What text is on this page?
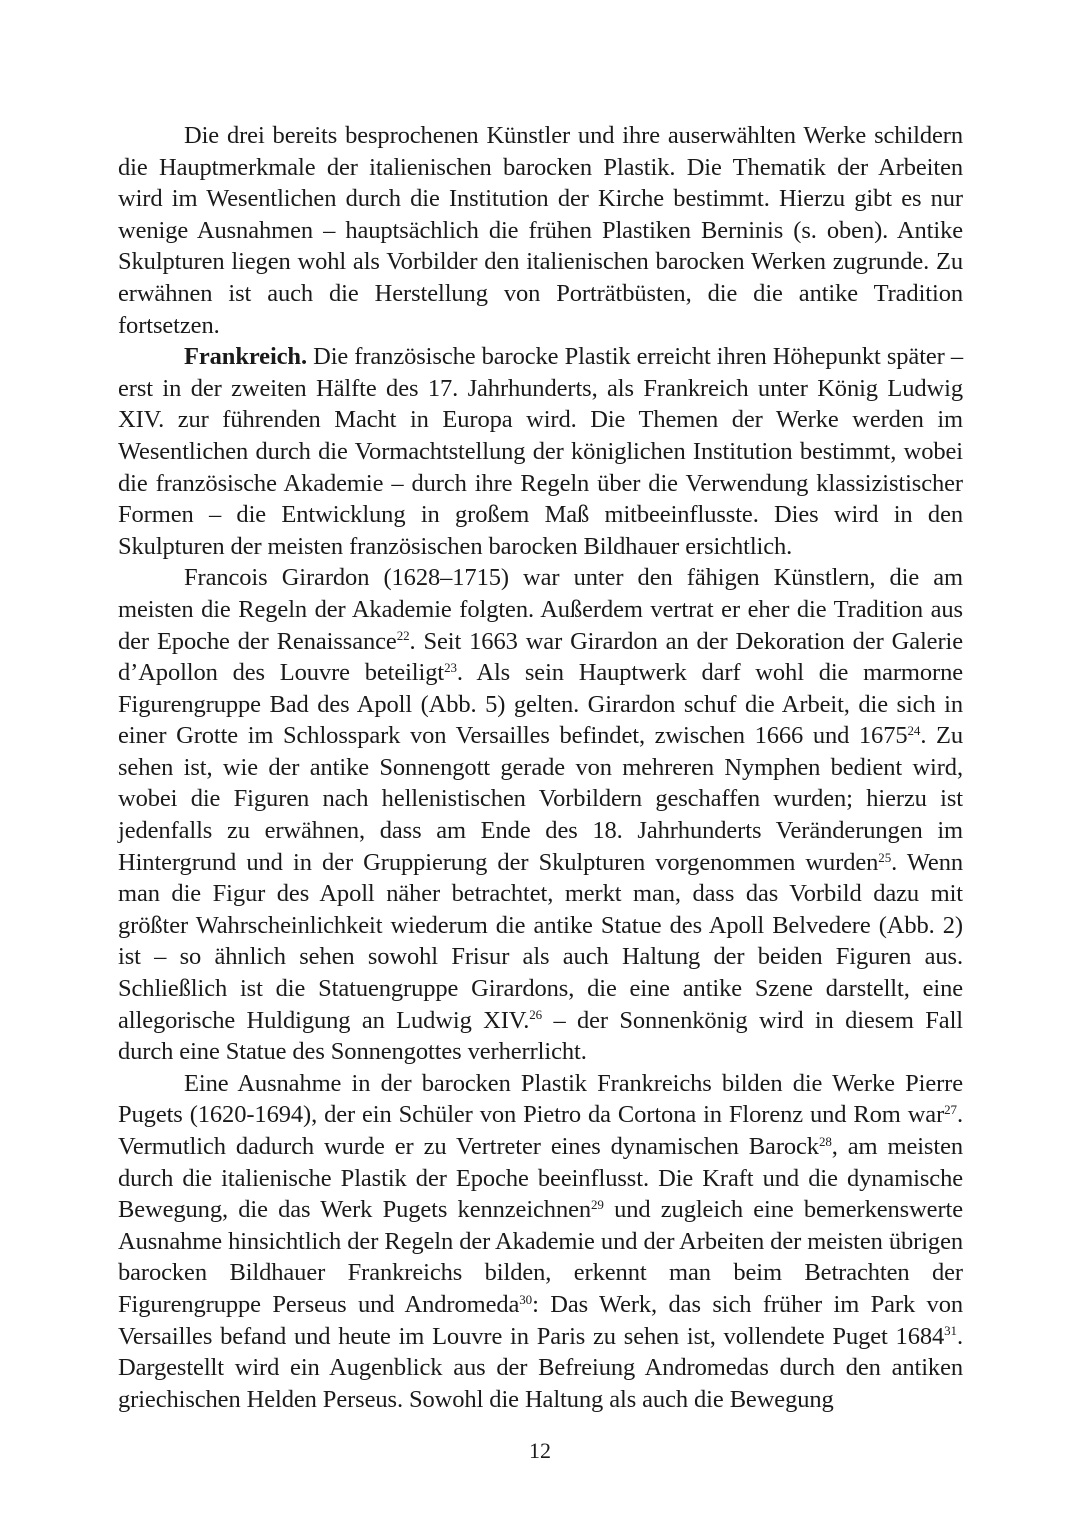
Die drei bereits besprochenen Künstler und ihre auserwählten Werke schildern die Hauptmerkmale der italienischen barocken Plastik. Die Thematik der Arbeiten wird im Wesentlichen durch die Institution der Kirche bestimmt. Hierzu gibt es nur wenige Ausnahmen – hauptsächlich die frühen Plastiken Berninis (s. oben). Antike Skulpturen liegen wohl als Vorbilder den italienischen barocken Werken zugrunde. Zu erwähnen ist auch die Herstellung von Porträtbüsten, die die antike Tradition fortsetzen.

Frankreich. Die französische barocke Plastik erreicht ihren Höhepunkt später – erst in der zweiten Hälfte des 17. Jahrhunderts, als Frankreich unter König Ludwig XIV. zur führenden Macht in Europa wird. Die Themen der Werke werden im Wesentlichen durch die Vormachtstellung der königlichen Institution bestimmt, wobei die französische Akademie – durch ihre Regeln über die Verwendung klassizistischer Formen – die Entwicklung in großem Maß mitbeeinflusste. Dies wird in den Skulpturen der meisten französischen barocken Bildhauer ersichtlich.

Francois Girardon (1628–1715) war unter den fähigen Künstlern, die am meisten die Regeln der Akademie folgten. Außerdem vertrat er eher die Tradition aus der Epoche der Renaissance$^{22}$. Seit 1663 war Girardon an der Dekoration der Galerie d’Apollon des Louvre beteiligt$^{23}$. Als sein Hauptwerk darf wohl die marmorne Figurengruppe Bad des Apoll (Abb. 5) gelten. Girardon schuf die Arbeit, die sich in einer Grotte im Schlosspark von Versailles befindet, zwischen 1666 und 1675$^{24}$. Zu sehen ist, wie der antike Sonnengott gerade von mehreren Nymphen bedient wird, wobei die Figuren nach hellenistischen Vorbildern geschaffen wurden; hierzu ist jedenfalls zu erwähnen, dass am Ende des 18. Jahrhunderts Veränderungen im Hintergrund und in der Gruppierung der Skulpturen vorgenommen wurden$^{25}$. Wenn man die Figur des Apoll näher betrachtet, merkt man, dass das Vorbild dazu mit größter Wahrscheinlichkeit wiederum die antike Statue des Apoll Belvedere (Abb. 2) ist – so ähnlich sehen sowohl Frisur als auch Haltung der beiden Figuren aus. Schließlich ist die Statuengruppe Girardons, die eine antike Szene darstellt, eine allegorische Huldigung an Ludwig XIV.$^{26}$ – der Sonnenkönig wird in diesem Fall durch eine Statue des Sonnengottes verherrlicht.

Eine Ausnahme in der barocken Plastik Frankreichs bilden die Werke Pierre Pugets (1620-1694), der ein Schüler von Pietro da Cortona in Florenz und Rom war$^{27}$. Vermutlich dadurch wurde er zu Vertreter eines dynamischen Barock$^{28}$, am meisten durch die italienische Plastik der Epoche beeinflusst. Die Kraft und die dynamische Bewegung, die das Werk Pugets kennzeichnen$^{29}$ und zugleich eine bemerkenswerte Ausnahme hinsichtlich der Regeln der Akademie und der Arbeiten der meisten übrigen barocken Bildhauer Frankreichs bilden, erkennt man beim Betrachten der Figurengruppe Perseus und Andromeda$^{30}$: Das Werk, das sich früher im Park von Versailles befand und heute im Louvre in Paris zu sehen ist, vollendete Puget 1684$^{31}$. Dargestellt wird ein Augenblick aus der Befreiung Andromedas durch den antiken griechischen Helden Perseus. Sowohl die Haltung als auch die Bewegung

12
